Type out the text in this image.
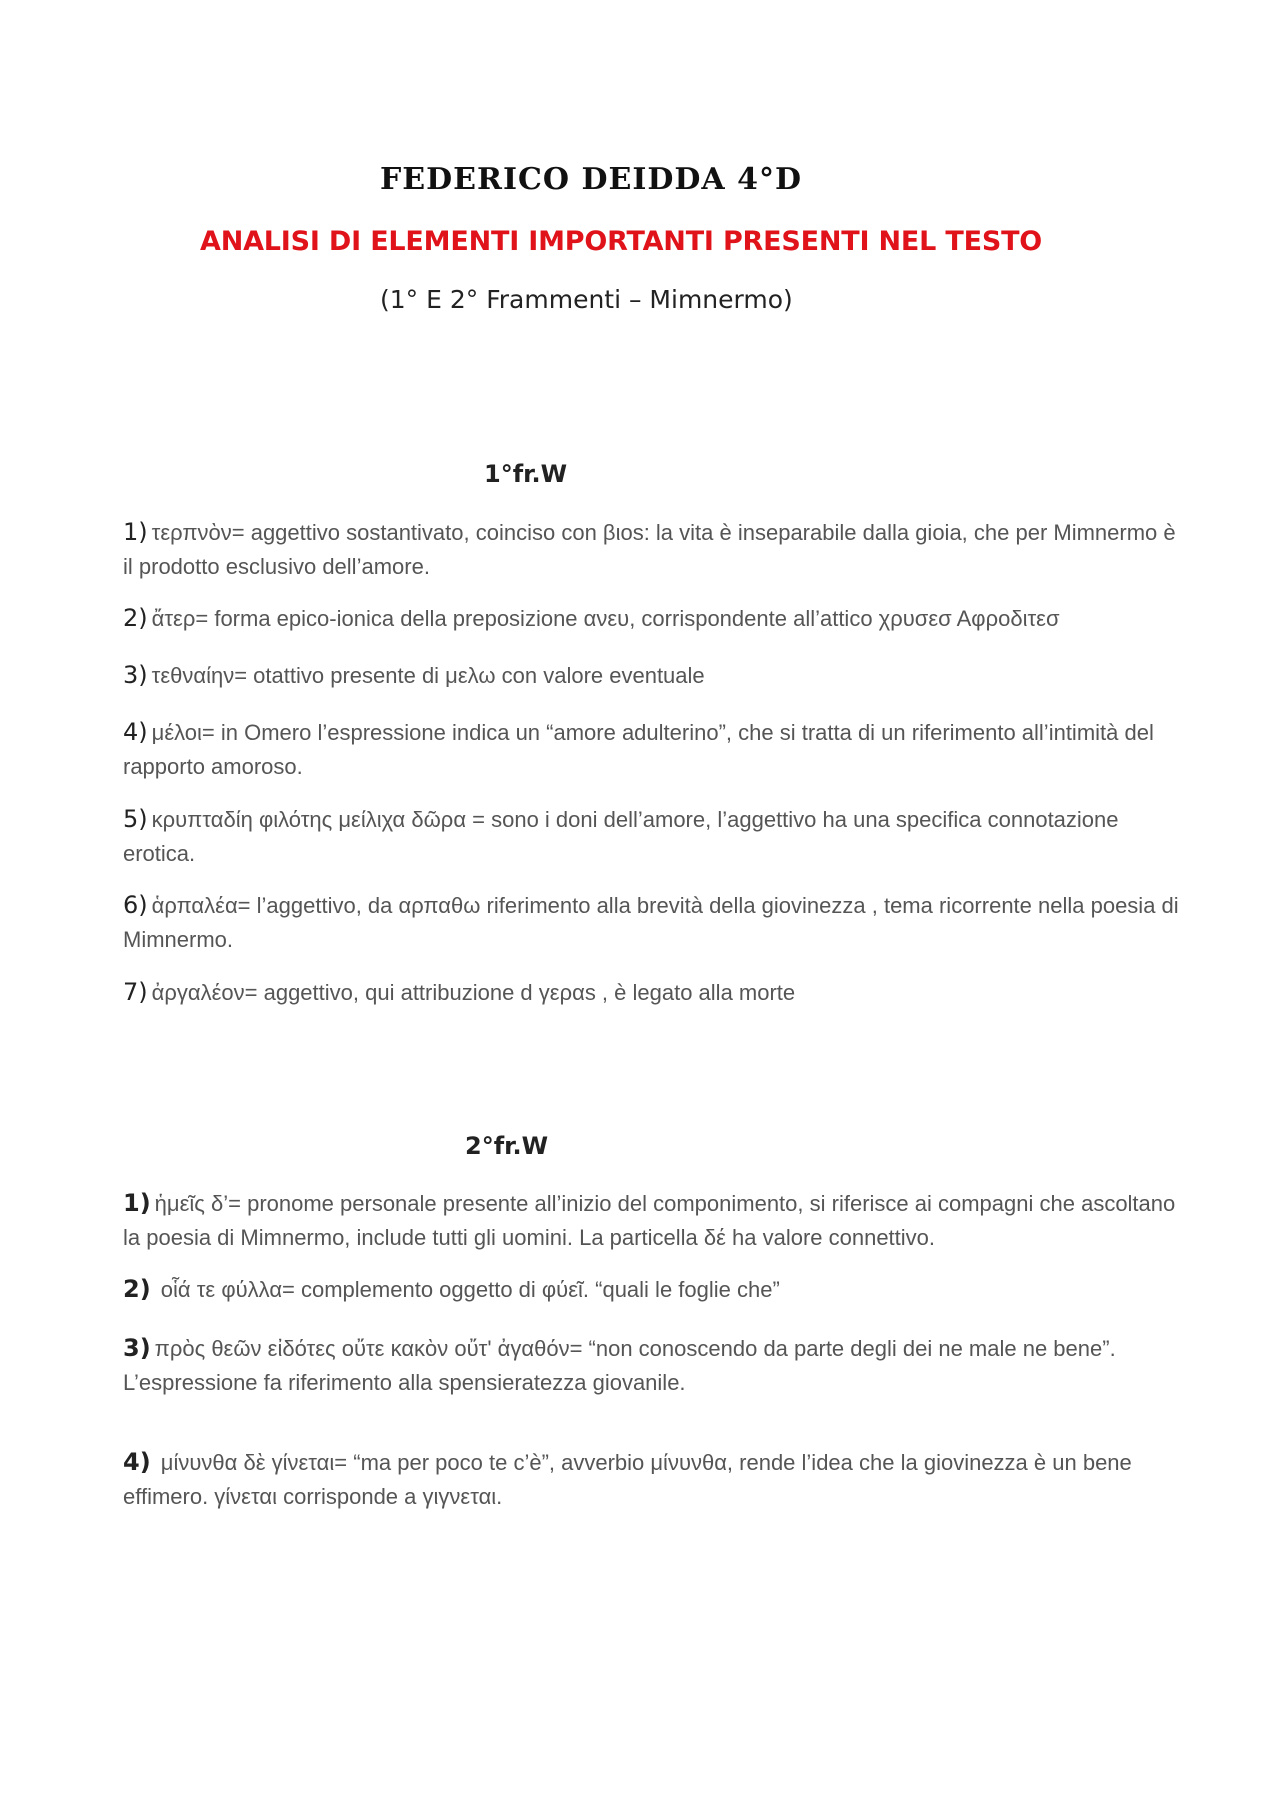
FEDERICO DEIDDA 4°D
ANALISI DI ELEMENTI IMPORTANTI PRESENTI NEL TESTO

(1° E 2° Frammenti – Mimnermo)

1°fr.W

1) τερπνὸν= aggettivo sostantivato, coinciso con βιοs: la vita è inseparabile dalla gioia, che per Mimnermo è il prodotto esclusivo dell’amore.

2) ἄτερ= forma epico-ionica della preposizione ανευ, corrispondente all’attico χρυσεσ Αφροδιτεσ

3) τεθναίην= otattivo presente di μελω con valore eventuale

4) μέλοι= in Omero l’espressione indica un “amore adulterino”, che si tratta di un riferimento all’intimità del rapporto amoroso.

5) κρυπταδίη φιλότης μείλιχα δῶρα = sono i doni dell’amore, l’aggettivo ha una specifica connotazione erotica.

6) ἁρπαλέα= l’aggettivo, da αρπαθω riferimento alla brevità della giovinezza , tema ricorrente nella poesia di Mimnermo.

7) ἀργαλέον= aggettivo, qui attribuzione d γεραs , è legato alla morte

2°fr.W

1) ἡμεῖς δ’= pronome personale presente all’inizio del componimento, si riferisce ai compagni che ascoltano la poesia di Mimnermo, include tutti gli uomini. La particella δέ ha valore connettivo.

2) οἷά τε φύλλα= complemento oggetto di φύεῖ. “quali le foglie che”

3) πρὸς θεῶν εἰδότες οὔτε κακὸν οὔτ' ἀγαθόν= “non conoscendo da parte degli dei ne male ne bene”. L’espressione fa riferimento alla spensieratezza giovanile.

4) μίνυνθα δὲ γίνεται= “ma per poco te c’è”, avverbio μίνυνθα, rende l’idea che la giovinezza è un bene effimero. γίνεται corrisponde a γιγνεται.
